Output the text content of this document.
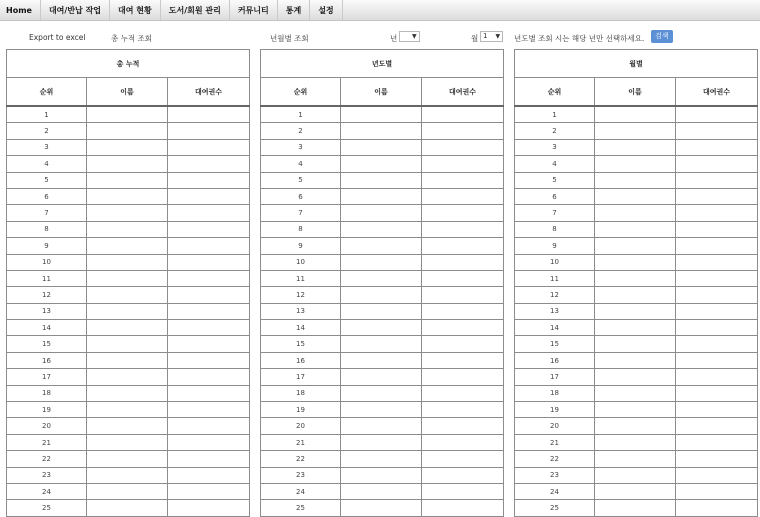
Home	대여/반납 작업	대여 현황	도서/회원 관리	커뮤니티	통계	설정
Export to excel	총 누적 조회	년월별 조회	년	▼	월 1 ▼	년도별 조회 시는 해당 년만 선택하세요.	검색
총 누적		
순위	이름	대여권수
1		
2		
3		
4		
5		
6		
7		
8		
9		
10		
11		
12		
13		
14		
15		
16		
17		
18		
19		
20		
21		
22		
23		
24		
25		
년도별		
순위	이름	대여권수
1		
2		
3		
4		
5		
6		
7		
8		
9		
10		
11		
12		
13		
14		
15		
16		
17		
18		
19		
20		
21		
22		
23		
24		
25		
월별		
순위	이름	대여권수
1		
2		
3		
4		
5		
6		
7		
8		
9		
10		
11		
12		
13		
14		
15		
16		
17		
18		
19		
20		
21		
22		
23		
24		
25		
